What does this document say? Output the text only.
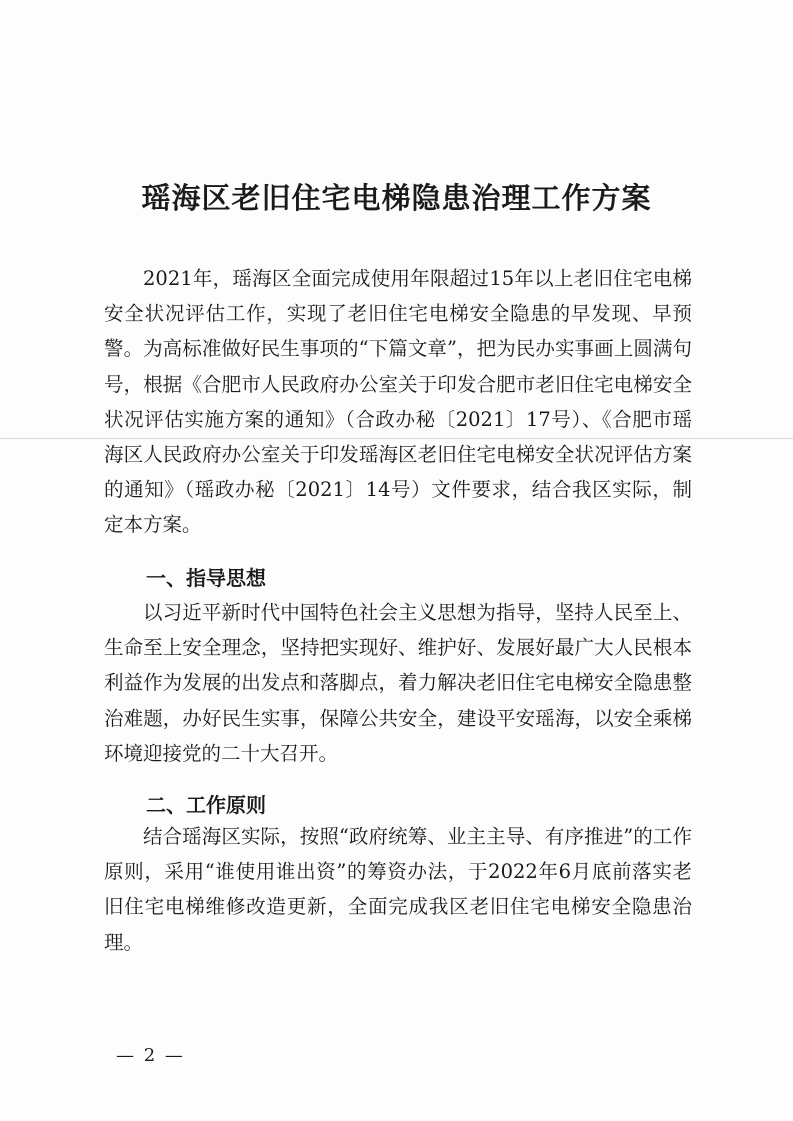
瑶海区老旧住宅电梯隐患治理工作方案

2021年，瑶海区全面完成使用年限超过15年以上老旧住宅电梯安全状况评估工作，实现了老旧住宅电梯安全隐患的早发现、早预警。为高标准做好民生事项的“下篇文章”，把为民办实事画上圆满句号，根据《合肥市人民政府办公室关于印发合肥市老旧住宅电梯安全状况评估实施方案的通知》（合政办秘〔2021〕17号）、《合肥市瑶海区人民政府办公室关于印发瑶海区老旧住宅电梯安全状况评估方案的通知》（瑶政办秘〔2021〕14号）文件要求，结合我区实际，制定本方案。

一、指导思想

以习近平新时代中国特色社会主义思想为指导，坚持人民至上、生命至上安全理念，坚持把实现好、维护好、发展好最广大人民根本利益作为发展的出发点和落脚点，着力解决老旧住宅电梯安全隐患整治难题，办好民生实事，保障公共安全，建设平安瑶海，以安全乘梯环境迎接党的二十大召开。

二、工作原则

结合瑶海区实际，按照“政府统筹、业主主导、有序推进”的工作原则，采用“谁使用谁出资”的筹资办法，于2022年6月底前落实老旧住宅电梯维修改造更新，全面完成我区老旧住宅电梯安全隐患治理。

— 2 —
